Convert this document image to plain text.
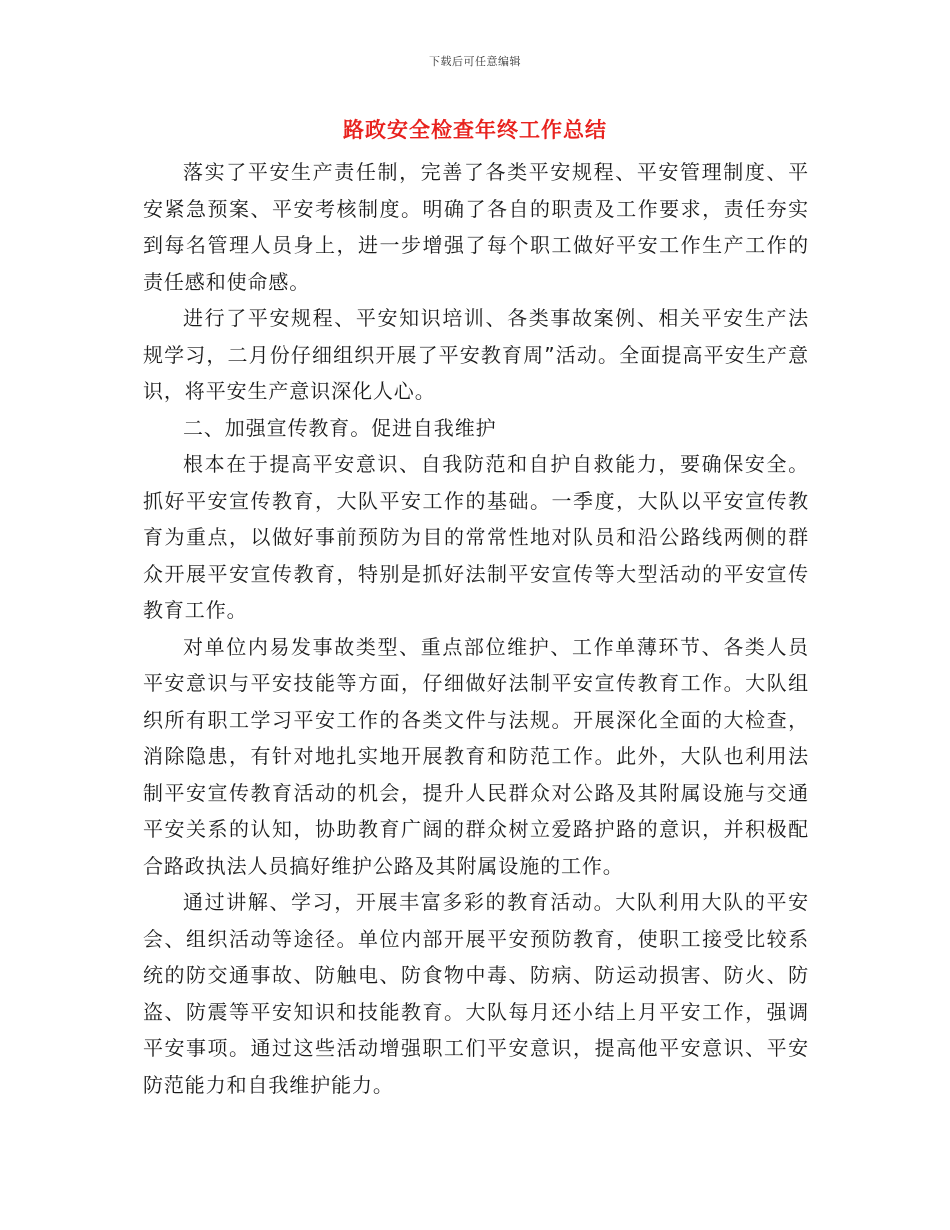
下载后可任意编辑
路政安全检查年终工作总结

落实了平安生产责任制，完善了各类平安规程、平安管理制度、平安紧急预案、平安考核制度。明确了各自的职责及工作要求，责任夯实到每名管理人员身上，进一步增强了每个职工做好平安工作生产工作的责任感和使命感。

进行了平安规程、平安知识培训、各类事故案例、相关平安生产法规学习，二月份仔细组织开展了平安教育周”活动。全面提高平安生产意识，将平安生产意识深化人心。

二、加强宣传教育。促进自我维护

根本在于提高平安意识、自我防范和自护自救能力，要确保安全。抓好平安宣传教育，大队平安工作的基础。一季度，大队以平安宣传教育为重点，以做好事前预防为目的常常性地对队员和沿公路线两侧的群众开展平安宣传教育，特别是抓好法制平安宣传等大型活动的平安宣传教育工作。

对单位内易发事故类型、重点部位维护、工作单薄环节、各类人员平安意识与平安技能等方面，仔细做好法制平安宣传教育工作。大队组织所有职工学习平安工作的各类文件与法规。开展深化全面的大检查，消除隐患，有针对地扎实地开展教育和防范工作。此外，大队也利用法制平安宣传教育活动的机会，提升人民群众对公路及其附属设施与交通平安关系的认知，协助教育广阔的群众树立爱路护路的意识，并积极配合路政执法人员搞好维护公路及其附属设施的工作。

通过讲解、学习，开展丰富多彩的教育活动。大队利用大队的平安会、组织活动等途径。单位内部开展平安预防教育，使职工接受比较系统的防交通事故、防触电、防食物中毒、防病、防运动损害、防火、防盗、防震等平安知识和技能教育。大队每月还小结上月平安工作，强调平安事项。通过这些活动增强职工们平安意识，提高他平安意识、平安防范能力和自我维护能力。
